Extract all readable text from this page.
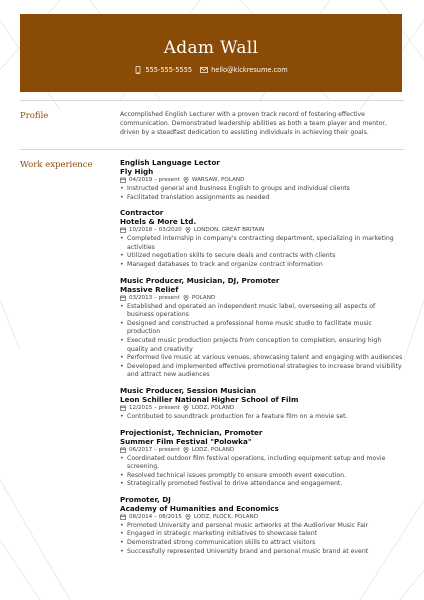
Adam Wall
555-555-5555	hello@kickresume.com
Profile	Accomplished English Lecturer with a proven track record of fostering effective communication. Demonstrated leadership abilities as both a team player and mentor, driven by a steadfast dedication to assisting individuals in achieving their goals.
Work experience	English Language Lector
Fly High
04/2019 – present WARSAW, POLAND
• Instructed general and business English to groups and individual clients
• Facilitated translation assignments as needed
Contractor
Hotels & More Ltd.
10/2018 – 03/2020 LONDON, GREAT BRITAIN
• Completed internship in company's contracting department, specializing in marketing activities
• Utilized negotiation skills to secure deals and contracts with clients
• Managed databases to track and organize contract information
Music Producer, Musician, DJ, Promoter
Massive Relief
03/2013 – present POLAND
• Established and operated an independent music label, overseeing all aspects of business operations
• Designed and constructed a professional home music studio to facilitate music production
• Executed music production projects from conception to completion, ensuring high quality and creativity
• Performed live music at various venues, showcasing talent and engaging with audiences
• Developed and implemented effective promotional strategies to increase brand visibility and attract new audiences
Music Producer, Session Musician
Leon Schiller National Higher School of Film
12/2015 – present LODZ, POLAND
• Contributed to soundtrack production for a feature film on a movie set.
Projectionist, Technician, Promoter
Summer Film Festival "Polowka"
06/2017 – present LODZ, POLAND
• Coordinated outdoor film festival operations, including equipment setup and movie screening.
• Resolved technical issues promptly to ensure smooth event execution.
• Strategically promoted festival to drive attendance and engagement.
Promoter, DJ
Academy of Humanities and Economics
08/2014 – 08/2015 LODZ, PLOCK, POLAND
• Promoted University and personal music artworks at the Audioriver Music Fair
• Engaged in strategic marketing initiatives to showcase talent
• Demonstrated strong communication skills to attract visitors
• Successfully represented University brand and personal music brand at event
